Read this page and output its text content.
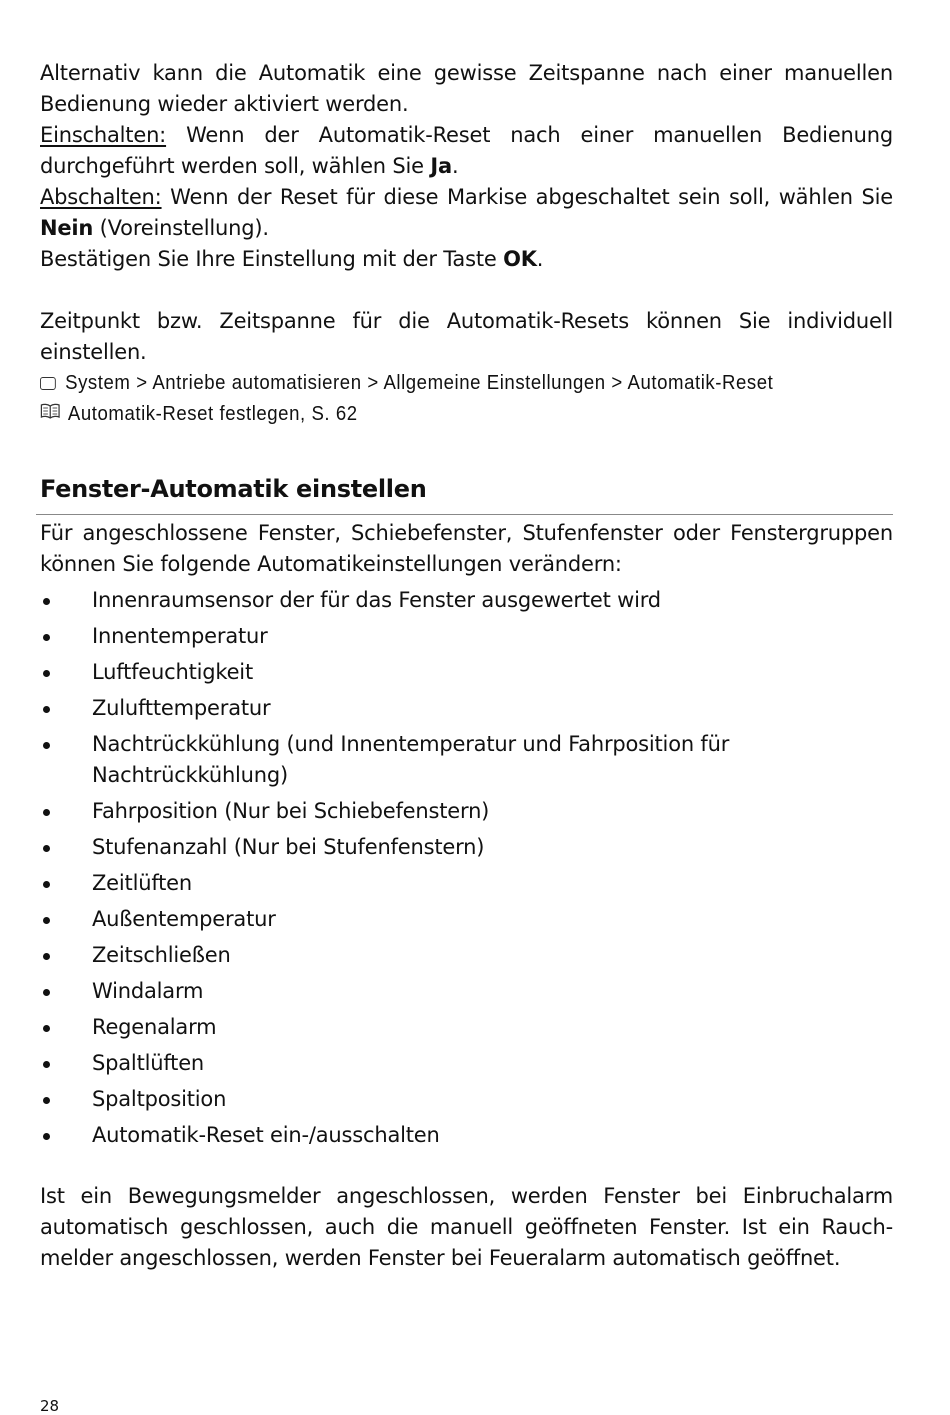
Alternativ kann die Automatik eine gewisse Zeitspanne nach einer manuellen Bedienung wieder aktiviert werden.

Einschalten: Wenn der Automatik-Reset nach einer manuellen Bedienung durchgeführt werden soll, wählen Sie Ja.

Abschalten: Wenn der Reset für diese Markise abgeschaltet sein soll, wählen Sie Nein (Voreinstellung).

Bestätigen Sie Ihre Einstellung mit der Taste OK.

Zeitpunkt bzw. Zeitspanne für die Automatik-Resets können Sie individuell einstellen.

System > Antriebe automatisieren > Allgemeine Einstellungen > Automatik-Reset

Automatik-Reset festlegen, S. 62

Fenster-Automatik einstellen

Für angeschlossene Fenster, Schiebefenster, Stufenfenster oder Fenstergruppen können Sie folgende Automatikeinstellungen verändern:

Innenraumsensor der für das Fenster ausgewertet wird
Innentemperatur
Luftfeuchtigkeit
Zulufttemperatur
Nachtrückkühlung (und Innentemperatur und Fahrposition für Nachtrückkühlung)
Fahrposition (Nur bei Schiebefenstern)
Stufenanzahl (Nur bei Stufenfenstern)
Zeitlüften
Außentemperatur
Zeitschließen
Windalarm
Regenalarm
Spaltlüften
Spaltposition
Automatik-Reset ein-/ausschalten

Ist ein Bewegungsmelder angeschlossen, werden Fenster bei Einbruchalarm automatisch geschlossen, auch die manuell geöffneten Fenster. Ist ein Rauch-melder angeschlossen, werden Fenster bei Feueralarm automatisch geöffnet.

28
